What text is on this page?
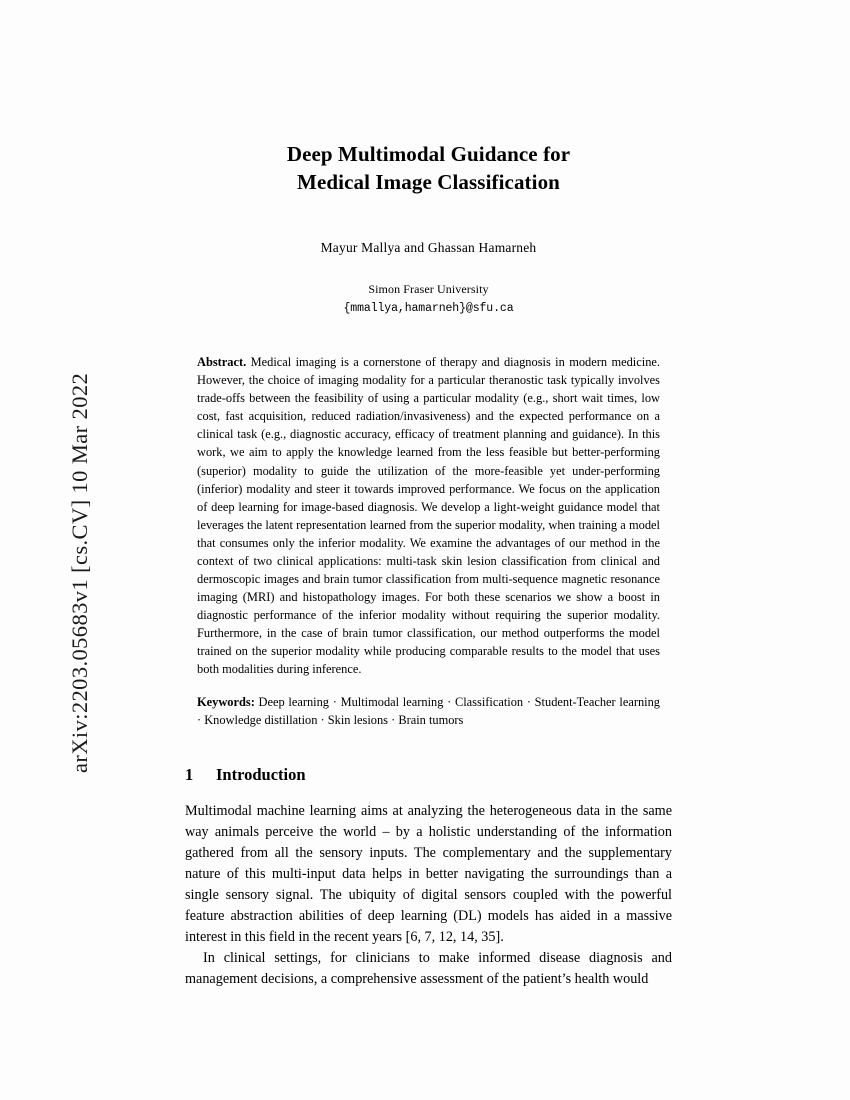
arXiv:2203.05683v1 [cs.CV] 10 Mar 2022
Deep Multimodal Guidance for
Medical Image Classification
Mayur Mallya and Ghassan Hamarneh
Simon Fraser University
{mmallya,hamarneh}@sfu.ca
Abstract. Medical imaging is a cornerstone of therapy and diagnosis in modern medicine. However, the choice of imaging modality for a particular theranostic task typically involves trade-offs between the feasibility of using a particular modality (e.g., short wait times, low cost, fast acquisition, reduced radiation/invasiveness) and the expected performance on a clinical task (e.g., diagnostic accuracy, efficacy of treatment planning and guidance). In this work, we aim to apply the knowledge learned from the less feasible but better-performing (superior) modality to guide the utilization of the more-feasible yet under-performing (inferior) modality and steer it towards improved performance. We focus on the application of deep learning for image-based diagnosis. We develop a light-weight guidance model that leverages the latent representation learned from the superior modality, when training a model that consumes only the inferior modality. We examine the advantages of our method in the context of two clinical applications: multi-task skin lesion classification from clinical and dermoscopic images and brain tumor classification from multi-sequence magnetic resonance imaging (MRI) and histopathology images. For both these scenarios we show a boost in diagnostic performance of the inferior modality without requiring the superior modality. Furthermore, in the case of brain tumor classification, our method outperforms the model trained on the superior modality while producing comparable results to the model that uses both modalities during inference.
Keywords: Deep learning · Multimodal learning · Classification · Student-Teacher learning · Knowledge distillation · Skin lesions · Brain tumors
1	Introduction
Multimodal machine learning aims at analyzing the heterogeneous data in the same way animals perceive the world – by a holistic understanding of the information gathered from all the sensory inputs. The complementary and the supplementary nature of this multi-input data helps in better navigating the surroundings than a single sensory signal. The ubiquity of digital sensors coupled with the powerful feature abstraction abilities of deep learning (DL) models has aided in a massive interest in this field in the recent years [6, 7, 12, 14, 35].
In clinical settings, for clinicians to make informed disease diagnosis and management decisions, a comprehensive assessment of the patient’s health would
